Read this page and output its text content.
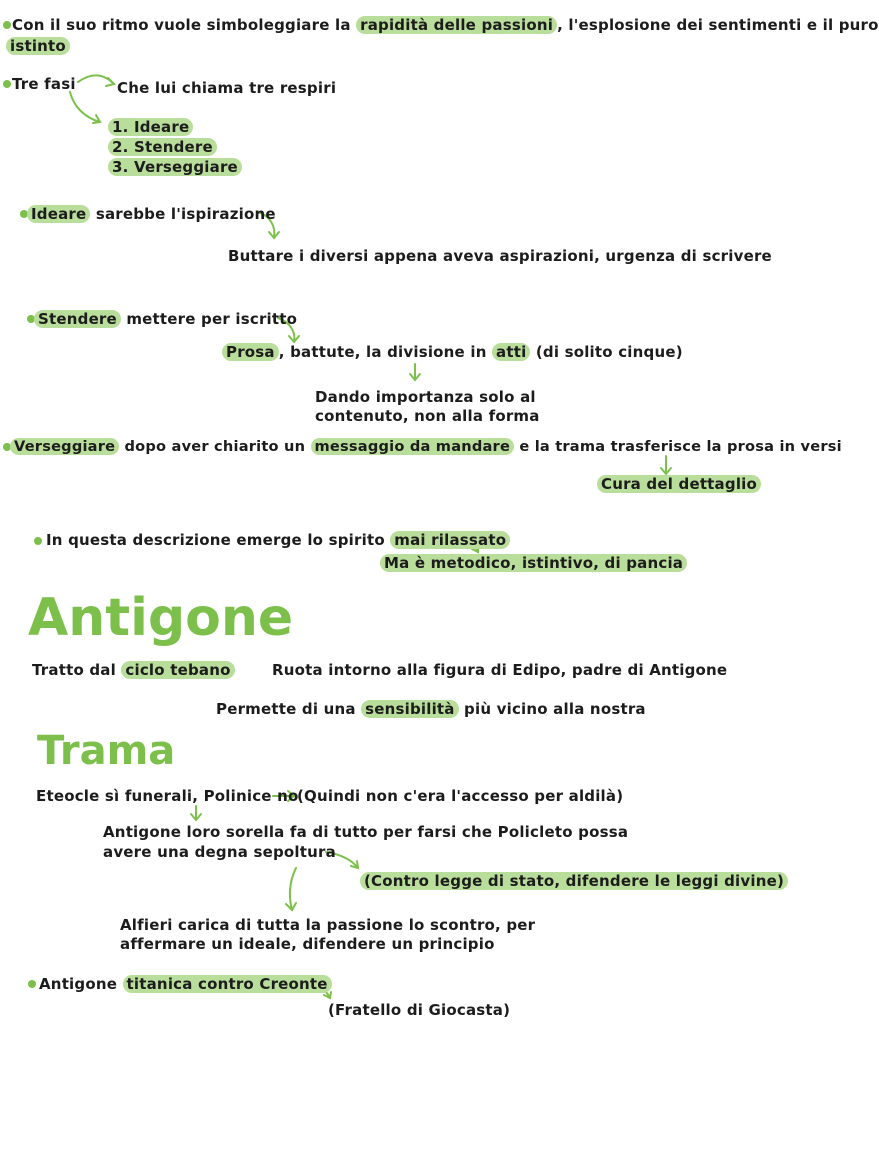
Con il suo ritmo vuole simboleggiare la rapidità delle passioni , l'esplosione dei sentimenti e il puro
istinto
Tre fasi	Che lui chiama tre respiri
1. Ideare
2. Stendere
3. Verseggiare
Ideare sarebbe l'ispirazione
Buttare i diversi appena aveva aspirazioni, urgenza di scrivere
Stendere mettere per iscritto
Prosa , battute, la divisione in atti (di solito cinque)
Dando importanza solo al
contenuto, non alla forma
Verseggiare dopo aver chiarito un messaggio da mandare e la trama trasferisce la prosa in versi
Cura del dettaglio
In questa descrizione emerge lo spirito mai rilassato
Ma è metodico, istintivo, di pancia
Antigone
Tratto dal ciclo tebano	Ruota intorno alla figura di Edipo, padre di Antigone
Permette di una sensibilità più vicino alla nostra
Trama
Eteocle sì funerali, Polinice no
(Quindi non c'era l'accesso per aldilà)
Antigone loro sorella fa di tutto per farsi che Policleto possa
avere una degna sepoltura
(Contro legge di stato, difendere le leggi divine)
Alfieri carica di tutta la passione lo scontro, per
affermare un ideale, difendere un principio
Antigone titanica contro Creonte
(Fratello di Giocasta)
